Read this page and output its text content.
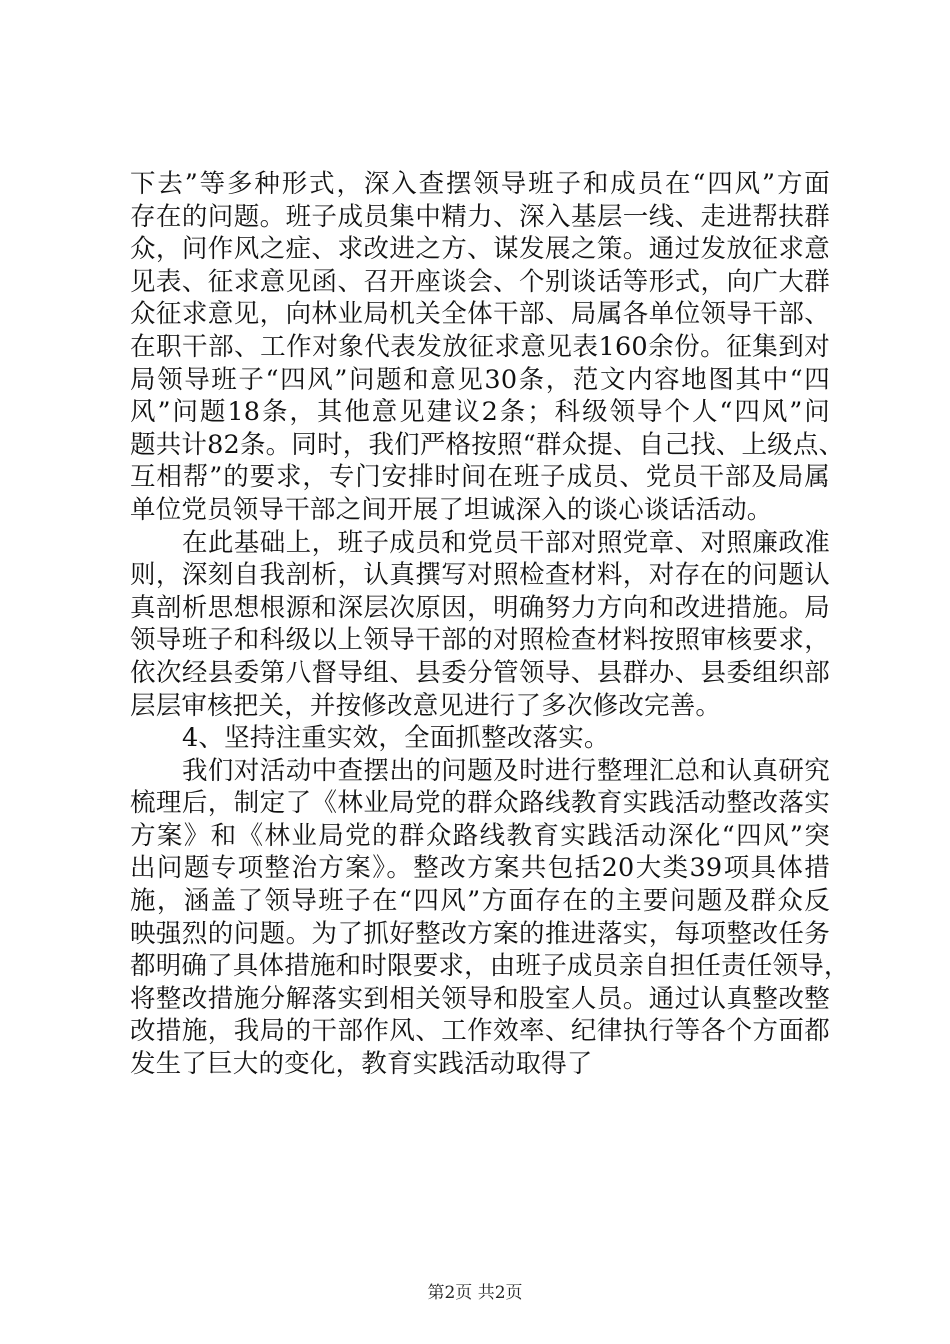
下去”等多种形式，深入查摆领导班子和成员在“四风”方面
存在的问题。班子成员集中精力、深入基层一线、走进帮扶群
众，问作风之症、求改进之方、谋发展之策。通过发放征求意
见表、征求意见函、召开座谈会、个别谈话等形式，向广大群
众征求意见，向林业局机关全体干部、局属各单位领导干部、
在职干部、工作对象代表发放征求意见表160余份。征集到对
局领导班子“四风”问题和意见30条，范文内容地图其中“四
风”问题18条，其他意见建议2条；科级领导个人“四风”问
题共计82条。同时，我们严格按照“群众提、自己找、上级点、
互相帮”的要求，专门安排时间在班子成员、党员干部及局属
单位党员领导干部之间开展了坦诚深入的谈心谈话活动。
在此基础上，班子成员和党员干部对照党章、对照廉政准
则，深刻自我剖析，认真撰写对照检查材料，对存在的问题认
真剖析思想根源和深层次原因，明确努力方向和改进措施。局
领导班子和科级以上领导干部的对照检查材料按照审核要求，
依次经县委第八督导组、县委分管领导、县群办、县委组织部
层层审核把关，并按修改意见进行了多次修改完善。
4、坚持注重实效，全面抓整改落实。
我们对活动中查摆出的问题及时进行整理汇总和认真研究
梳理后，制定了《林业局党的群众路线教育实践活动整改落实
方案》和《林业局党的群众路线教育实践活动深化“四风”突
出问题专项整治方案》。整改方案共包括20大类39项具体措
施，涵盖了领导班子在“四风”方面存在的主要问题及群众反
映强烈的问题。为了抓好整改方案的推进落实，每项整改任务
都明确了具体措施和时限要求，由班子成员亲自担任责任领导，
将整改措施分解落实到相关领导和股室人员。通过认真整改整
改措施，我局的干部作风、工作效率、纪律执行等各个方面都
发生了巨大的变化，教育实践活动取得了
第2页 共2页
